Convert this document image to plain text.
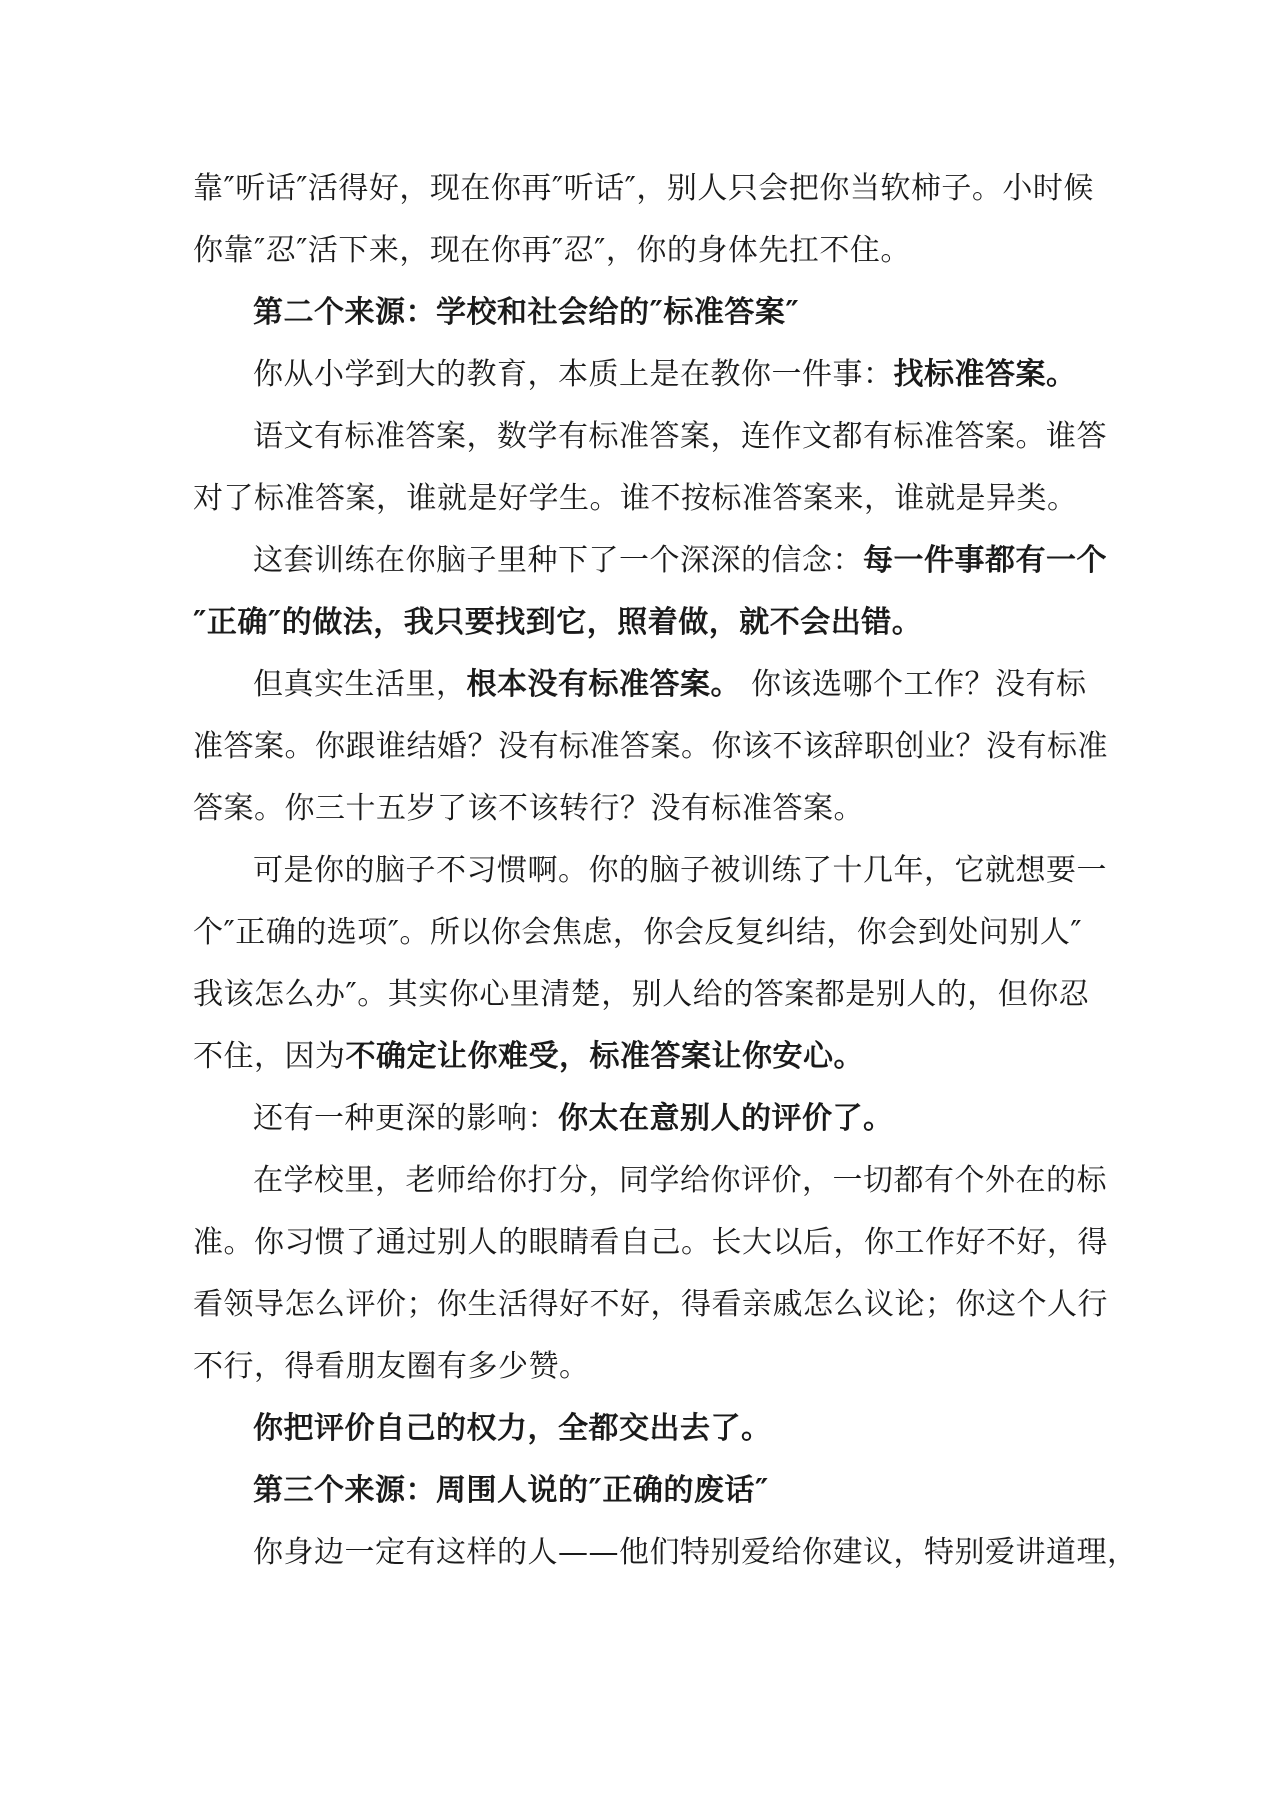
靠″听话″活得好，现在你再″听话″，别人只会把你当软柿子。小时候
你靠″忍″活下来，现在你再″忍″，你的身体先扛不住。
第二个来源：学校和社会给的″标准答案″
你从小学到大的教育，本质上是在教你一件事：找标准答案。
语文有标准答案，数学有标准答案，连作文都有标准答案。谁答
对了标准答案，谁就是好学生。谁不按标准答案来，谁就是异类。
这套训练在你脑子里种下了一个深深的信念：每一件事都有一个
″正确″的做法，我只要找到它，照着做，就不会出错。
但真实生活里，根本没有标准答案。 你该选哪个工作？没有标
准答案。你跟谁结婚？没有标准答案。你该不该辞职创业？没有标准
答案。你三十五岁了该不该转行？没有标准答案。
可是你的脑子不习惯啊。你的脑子被训练了十几年，它就想要一
个″正确的选项″。所以你会焦虑，你会反复纠结，你会到处问别人″
我该怎么办″。其实你心里清楚，别人给的答案都是别人的，但你忍
不住，因为不确定让你难受，标准答案让你安心。
还有一种更深的影响：你太在意别人的评价了。
在学校里，老师给你打分，同学给你评价，一切都有个外在的标
准。你习惯了通过别人的眼睛看自己。长大以后，你工作好不好，得
看领导怎么评价；你生活得好不好，得看亲戚怎么议论；你这个人行
不行，得看朋友圈有多少赞。
你把评价自己的权力，全都交出去了。
第三个来源：周围人说的″正确的废话″
你身边一定有这样的人——他们特别爱给你建议，特别爱讲道理，
